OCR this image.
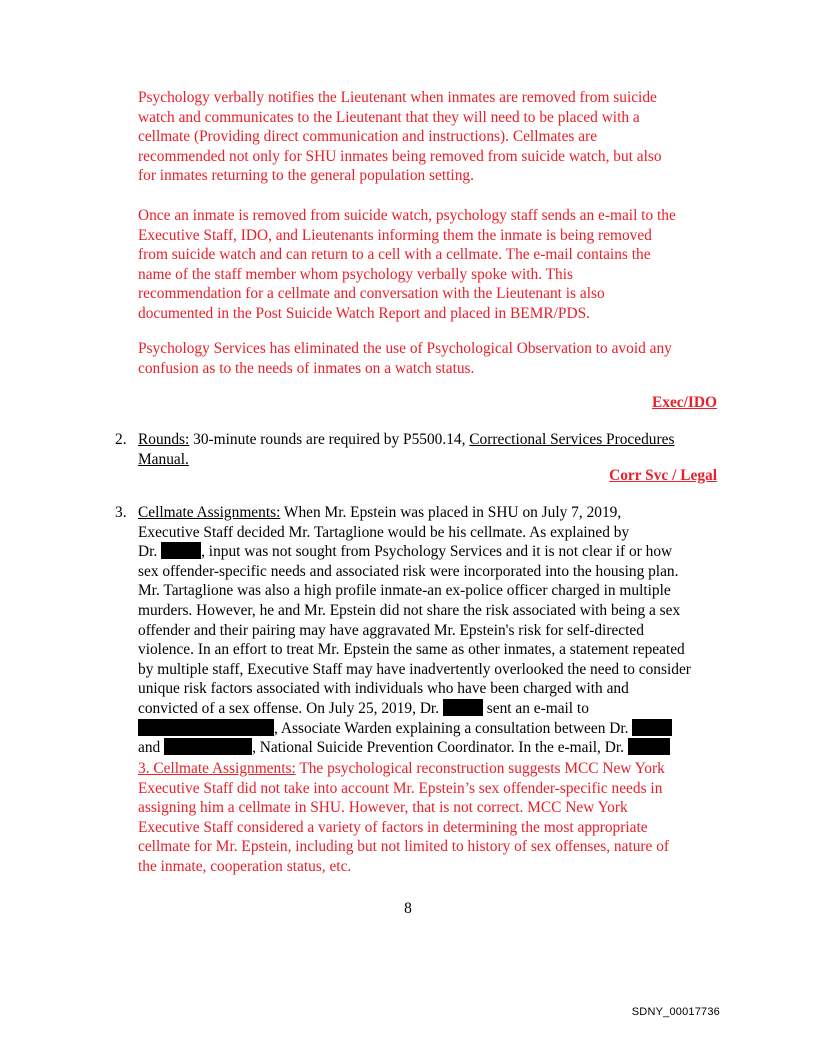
Psychology verbally notifies the Lieutenant when inmates are removed from suicide
watch and communicates to the Lieutenant that they will need to be placed with a
cellmate (Providing direct communication and instructions). Cellmates are
recommended not only for SHU inmates being removed from suicide watch, but also
for inmates returning to the general population setting.
Once an inmate is removed from suicide watch, psychology staff sends an e-mail to the
Executive Staff, IDO, and Lieutenants informing them the inmate is being removed
from suicide watch and can return to a cell with a cellmate. The e-mail contains the
name of the staff member whom psychology verbally spoke with. This
recommendation for a cellmate and conversation with the Lieutenant is also
documented in the Post Suicide Watch Report and placed in BEMR/PDS.
Psychology Services has eliminated the use of Psychological Observation to avoid any
confusion as to the needs of inmates on a watch status.
Exec/IDO
2. Rounds: 30-minute rounds are required by P5500.14, Correctional Services Procedures
Manual.
Corr Svc / Legal
3. Cellmate Assignments: When Mr. Epstein was placed in SHU on July 7, 2019,
Executive Staff decided Mr. Tartaglione would be his cellmate. As explained by
Dr.	, input was not sought from Psychology Services and it is not clear if or how
sex offender-specific needs and associated risk were incorporated into the housing plan.
Mr. Tartaglione was also a high profile inmate-an ex-police officer charged in multiple
murders. However, he and Mr. Epstein did not share the risk associated with being a sex
offender and their pairing may have aggravated Mr. Epstein's risk for self-directed
violence. In an effort to treat Mr. Epstein the same as other inmates, a statement repeated
by multiple staff, Executive Staff may have inadvertently overlooked the need to consider
unique risk factors associated with individuals who have been charged with and
convicted of a sex offense. On July 25, 2019, Dr.	sent an e-mail to
, Associate Warden explaining a consultation between Dr.
and	, National Suicide Prevention Coordinator. In the e-mail, Dr.
3. Cellmate Assignments: The psychological reconstruction suggests MCC New York
Executive Staff did not take into account Mr. Epstein’s sex offender-specific needs in
assigning him a cellmate in SHU. However, that is not correct. MCC New York
Executive Staff considered a variety of factors in determining the most appropriate
cellmate for Mr. Epstein, including but not limited to history of sex offenses, nature of
the inmate, cooperation status, etc.
8
SDNY_00017736
